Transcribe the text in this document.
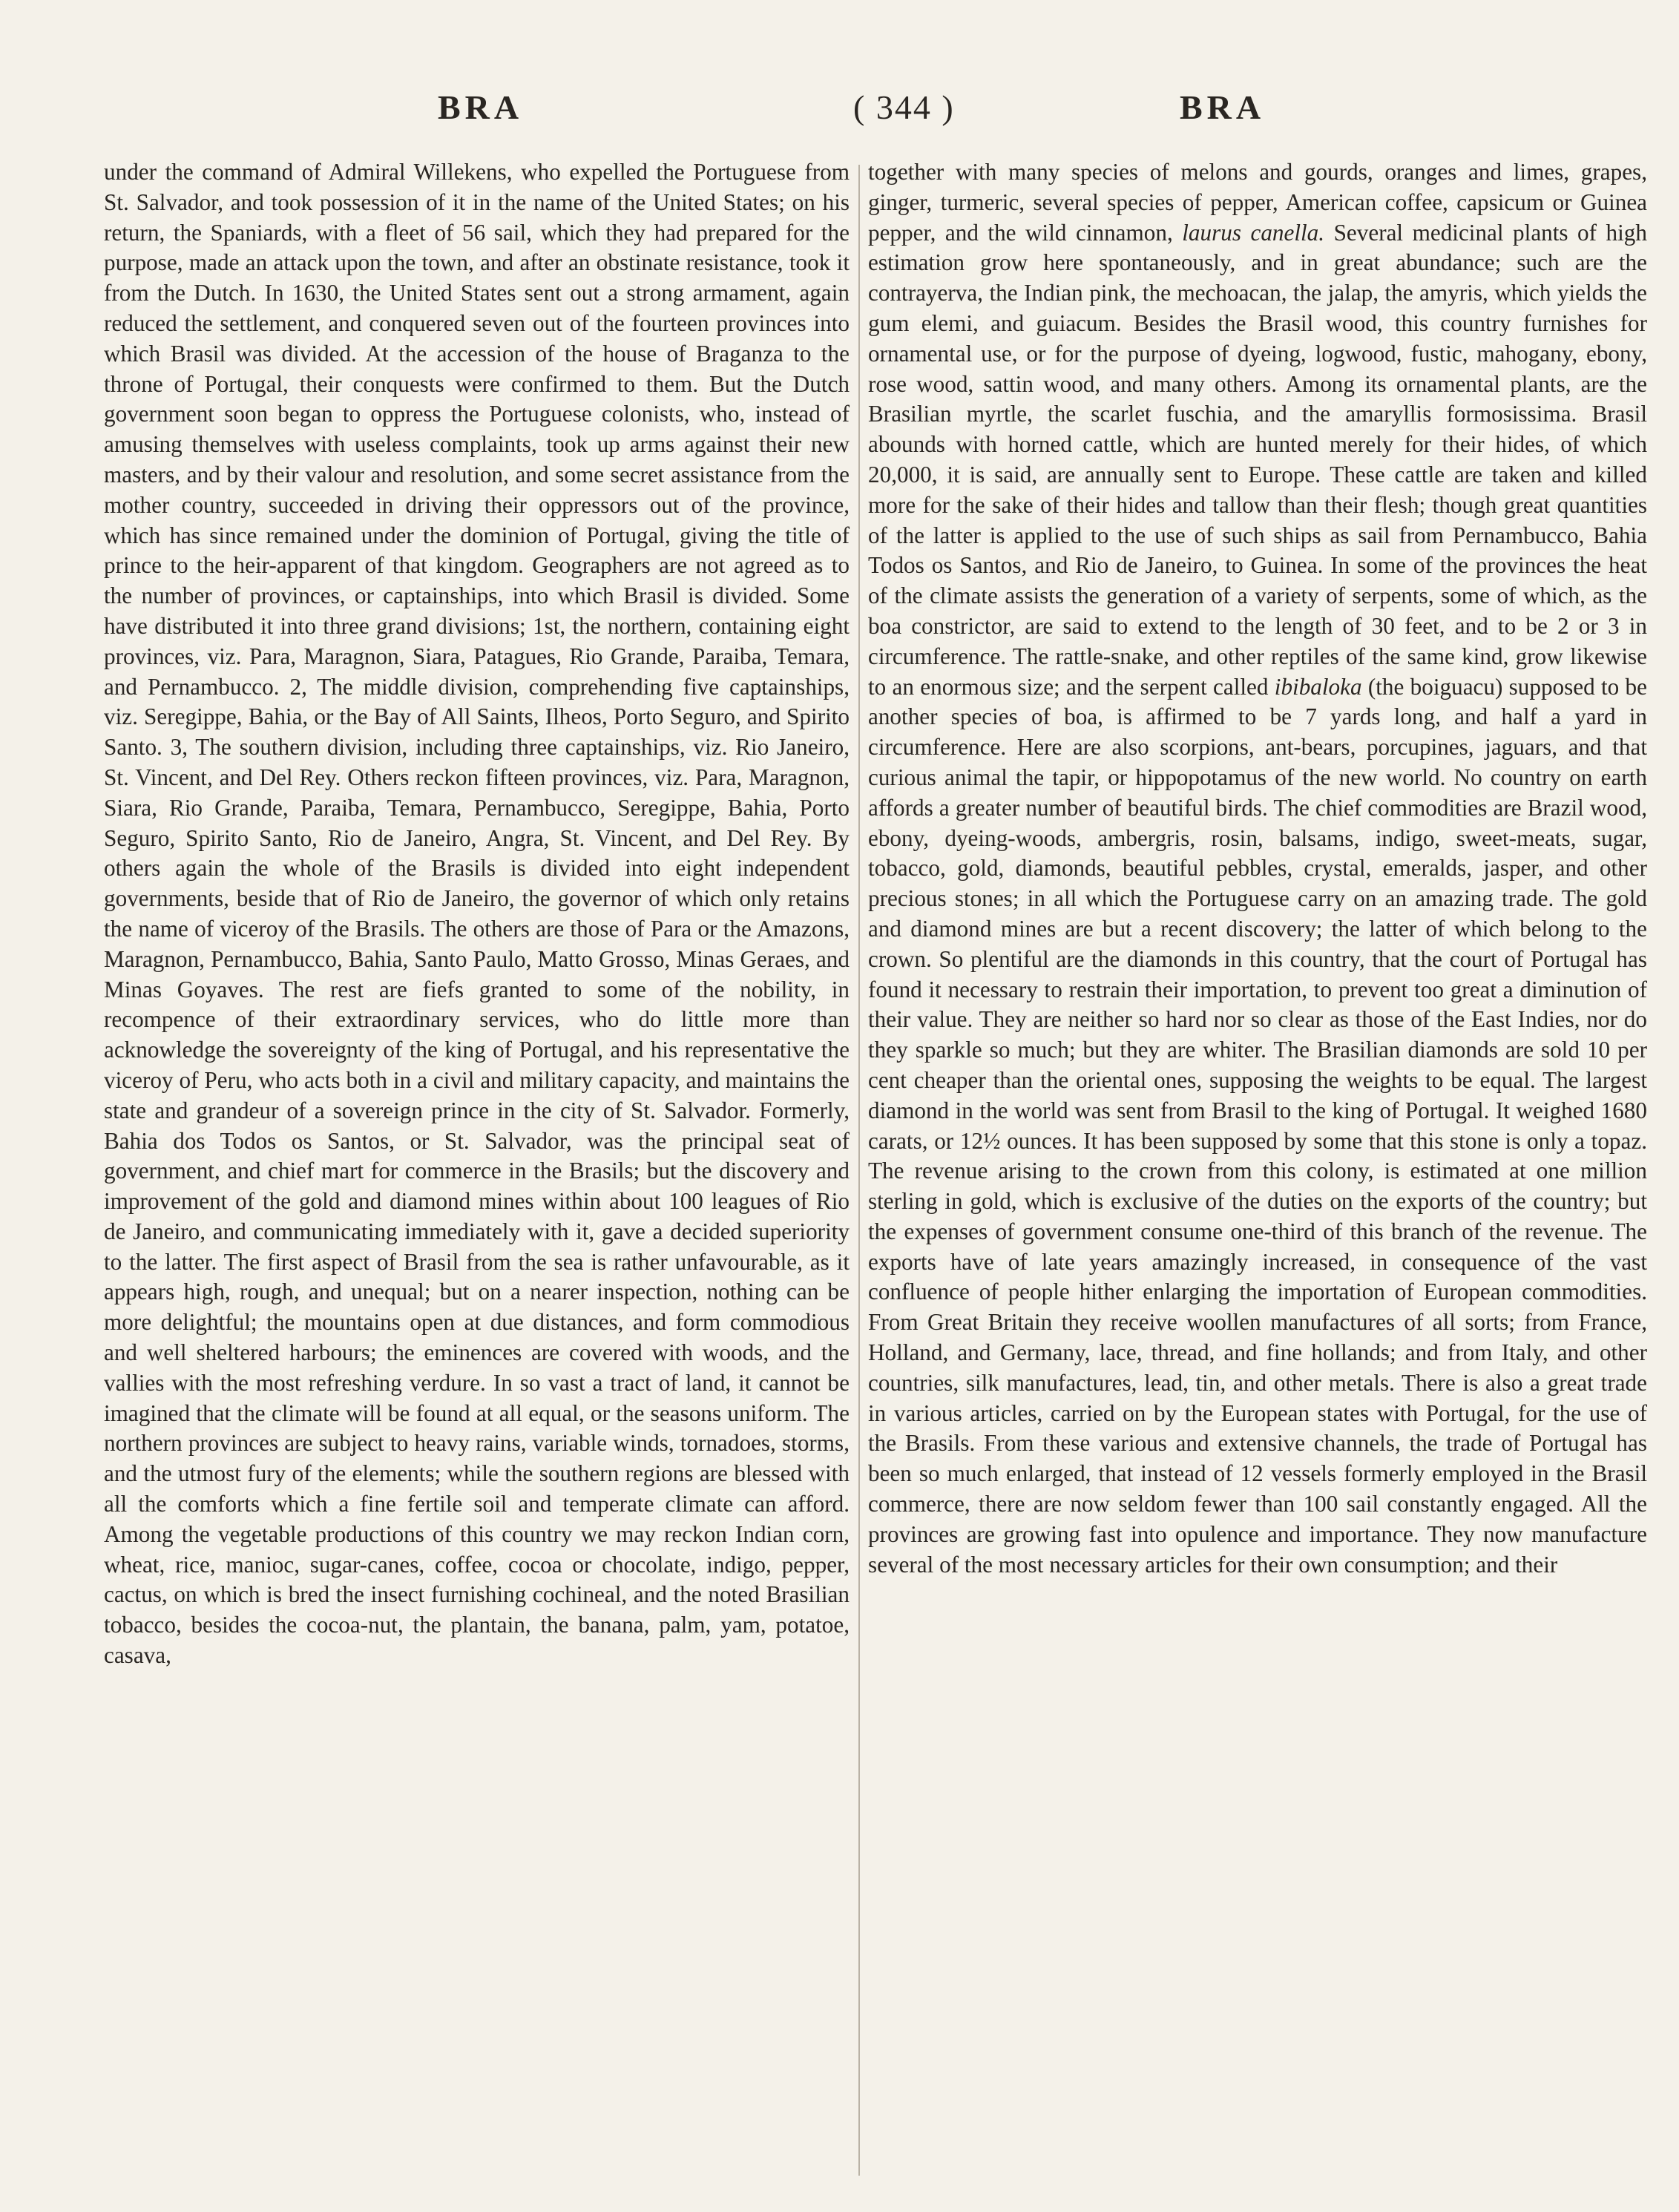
BRA	( 344 )	BRA

under the command of Admiral Willekens, who expelled the Portuguese from St. Salvador, and took possession of it in the name of the United States; on his return, the Spaniards, with a fleet of 56 sail, which they had prepared for the purpose, made an attack upon the town, and after an obstinate resistance, took it from the Dutch. In 1630, the United States sent out a strong armament, again reduced the settlement, and conquered seven out of the fourteen provinces into which Brasil was divided. At the accession of the house of Braganza to the throne of Portugal, their conquests were confirmed to them. But the Dutch government soon began to oppress the Portuguese colonists, who, instead of amusing themselves with useless complaints, took up arms against their new masters, and by their valour and resolution, and some secret assistance from the mother country, succeeded in driving their oppressors out of the province, which has since remained under the dominion of Portugal, giving the title of prince to the heir-apparent of that kingdom. Geographers are not agreed as to the number of provinces, or captainships, into which Brasil is divided. Some have distributed it into three grand divisions; 1st, the northern, containing eight provinces, viz. Para, Maragnon, Siara, Patagues, Rio Grande, Paraiba, Temara, and Pernambucco. 2, The middle division, comprehending five captainships, viz. Seregippe, Bahia, or the Bay of All Saints, Ilheos, Porto Seguro, and Spirito Santo. 3, The southern division, including three captainships, viz. Rio Janeiro, St. Vincent, and Del Rey. Others reckon fifteen provinces, viz. Para, Maragnon, Siara, Rio Grande, Paraiba, Temara, Pernambucco, Seregippe, Bahia, Porto Seguro, Spirito Santo, Rio de Janeiro, Angra, St. Vincent, and Del Rey. By others again the whole of the Brasils is divided into eight independent governments, beside that of Rio de Janeiro, the governor of which only retains the name of viceroy of the Brasils. The others are those of Para or the Amazons, Maragnon, Pernambucco, Bahia, Santo Paulo, Matto Grosso, Minas Geraes, and Minas Goyaves. The rest are fiefs granted to some of the nobility, in recompence of their extraordinary services, who do little more than acknowledge the sovereignty of the king of Portugal, and his representative the viceroy of Peru, who acts both in a civil and military capacity, and maintains the state and grandeur of a sovereign prince in the city of St. Salvador. Formerly, Bahia dos Todos os Santos, or St. Salvador, was the principal seat of government, and chief mart for commerce in the Brasils; but the discovery and improvement of the gold and diamond mines within about 100 leagues of Rio de Janeiro, and communicating immediately with it, gave a decided superiority to the latter. The first aspect of Brasil from the sea is rather unfavourable, as it appears high, rough, and unequal; but on a nearer inspection, nothing can be more delightful; the mountains open at due distances, and form commodious and well sheltered harbours; the eminences are covered with woods, and the vallies with the most refreshing verdure. In so vast a tract of land, it cannot be imagined that the climate will be found at all equal, or the seasons uniform. The northern provinces are subject to heavy rains, variable winds, tornadoes, storms, and the utmost fury of the elements; while the southern regions are blessed with all the comforts which a fine fertile soil and temperate climate can afford. Among the vegetable productions of this country we may reckon Indian corn, wheat, rice, manioc, sugar-canes, coffee, cocoa or chocolate, indigo, pepper, cactus, on which is bred the insect furnishing cochineal, and the noted Brasilian tobacco, besides the cocoa-nut, the plantain, the banana, palm, yam, potatoe, casava,

together with many species of melons and gourds, oranges and limes, grapes, ginger, turmeric, several species of pepper, American coffee, capsicum or Guinea pepper, and the wild cinnamon, laurus canella. Several medicinal plants of high estimation grow here spontaneously, and in great abundance; such are the contrayerva, the Indian pink, the mechoacan, the jalap, the amyris, which yields the gum elemi, and guiacum. Besides the Brasil wood, this country furnishes for ornamental use, or for the purpose of dyeing, logwood, fustic, mahogany, ebony, rose wood, sattin wood, and many others. Among its ornamental plants, are the Brasilian myrtle, the scarlet fuschia, and the amaryllis formosissima. Brasil abounds with horned cattle, which are hunted merely for their hides, of which 20,000, it is said, are annually sent to Europe. These cattle are taken and killed more for the sake of their hides and tallow than their flesh; though great quantities of the latter is applied to the use of such ships as sail from Pernambucco, Bahia Todos os Santos, and Rio de Janeiro, to Guinea. In some of the provinces the heat of the climate assists the generation of a variety of serpents, some of which, as the boa constrictor, are said to extend to the length of 30 feet, and to be 2 or 3 in circumference. The rattle-snake, and other reptiles of the same kind, grow likewise to an enormous size; and the serpent called ibibaloka (the boiguacu) supposed to be another species of boa, is affirmed to be 7 yards long, and half a yard in circumference. Here are also scorpions, ant-bears, porcupines, jaguars, and that curious animal the tapir, or hippopotamus of the new world. No country on earth affords a greater number of beautiful birds. The chief commodities are Brazil wood, ebony, dyeing-woods, ambergris, rosin, balsams, indigo, sweet-meats, sugar, tobacco, gold, diamonds, beautiful pebbles, crystal, emeralds, jasper, and other precious stones; in all which the Portuguese carry on an amazing trade. The gold and diamond mines are but a recent discovery; the latter of which belong to the crown. So plentiful are the diamonds in this country, that the court of Portugal has found it necessary to restrain their importation, to prevent too great a diminution of their value. They are neither so hard nor so clear as those of the East Indies, nor do they sparkle so much; but they are whiter. The Brasilian diamonds are sold 10 per cent cheaper than the oriental ones, supposing the weights to be equal. The largest diamond in the world was sent from Brasil to the king of Portugal. It weighed 1680 carats, or 12½ ounces. It has been supposed by some that this stone is only a topaz. The revenue arising to the crown from this colony, is estimated at one million sterling in gold, which is exclusive of the duties on the exports of the country; but the expenses of government consume one-third of this branch of the revenue. The exports have of late years amazingly increased, in consequence of the vast confluence of people hither enlarging the importation of European commodities. From Great Britain they receive woollen manufactures of all sorts; from France, Holland, and Germany, lace, thread, and fine hollands; and from Italy, and other countries, silk manufactures, lead, tin, and other metals. There is also a great trade in various articles, carried on by the European states with Portugal, for the use of the Brasils. From these various and extensive channels, the trade of Portugal has been so much enlarged, that instead of 12 vessels formerly employed in the Brasil commerce, there are now seldom fewer than 100 sail constantly engaged. All the provinces are growing fast into opulence and importance. They now manufacture several of the most necessary articles for their own consumption; and their
